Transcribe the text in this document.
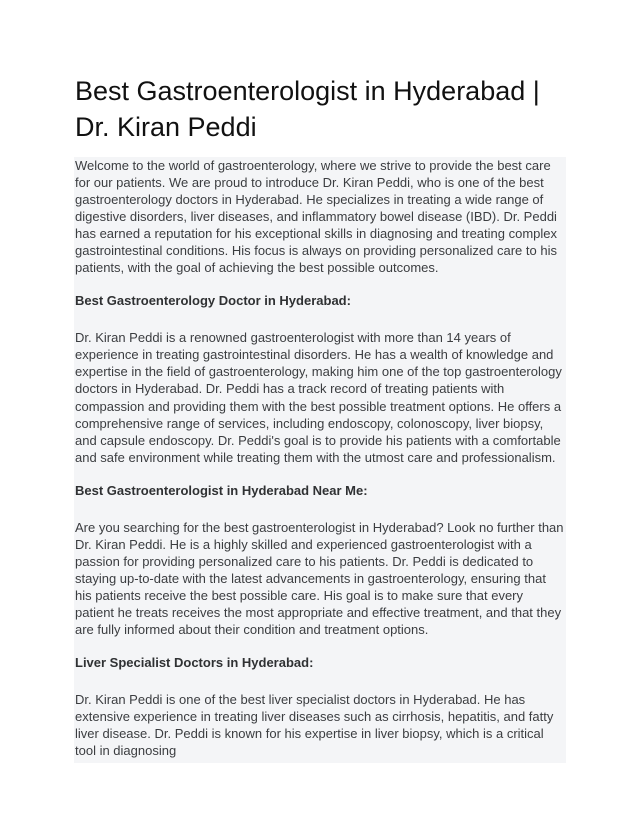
Best Gastroenterologist in Hyderabad | Dr. Kiran Peddi

Welcome to the world of gastroenterology, where we strive to provide the best care for our patients. We are proud to introduce Dr. Kiran Peddi, who is one of the best gastroenterology doctors in Hyderabad. He specializes in treating a wide range of digestive disorders, liver diseases, and inflammatory bowel disease (IBD). Dr. Peddi has earned a reputation for his exceptional skills in diagnosing and treating complex gastrointestinal conditions. His focus is always on providing personalized care to his patients, with the goal of achieving the best possible outcomes.

Best Gastroenterology Doctor in Hyderabad:

Dr. Kiran Peddi is a renowned gastroenterologist with more than 14 years of experience in treating gastrointestinal disorders. He has a wealth of knowledge and expertise in the field of gastroenterology, making him one of the top gastroenterology doctors in Hyderabad. Dr. Peddi has a track record of treating patients with compassion and providing them with the best possible treatment options. He offers a comprehensive range of services, including endoscopy, colonoscopy, liver biopsy, and capsule endoscopy. Dr. Peddi's goal is to provide his patients with a comfortable and safe environment while treating them with the utmost care and professionalism.

Best Gastroenterologist in Hyderabad Near Me:

Are you searching for the best gastroenterologist in Hyderabad? Look no further than Dr. Kiran Peddi. He is a highly skilled and experienced gastroenterologist with a passion for providing personalized care to his patients. Dr. Peddi is dedicated to staying up-to-date with the latest advancements in gastroenterology, ensuring that his patients receive the best possible care. His goal is to make sure that every patient he treats receives the most appropriate and effective treatment, and that they are fully informed about their condition and treatment options.

Liver Specialist Doctors in Hyderabad:

Dr. Kiran Peddi is one of the best liver specialist doctors in Hyderabad. He has extensive experience in treating liver diseases such as cirrhosis, hepatitis, and fatty liver disease. Dr. Peddi is known for his expertise in liver biopsy, which is a critical tool in diagnosing
